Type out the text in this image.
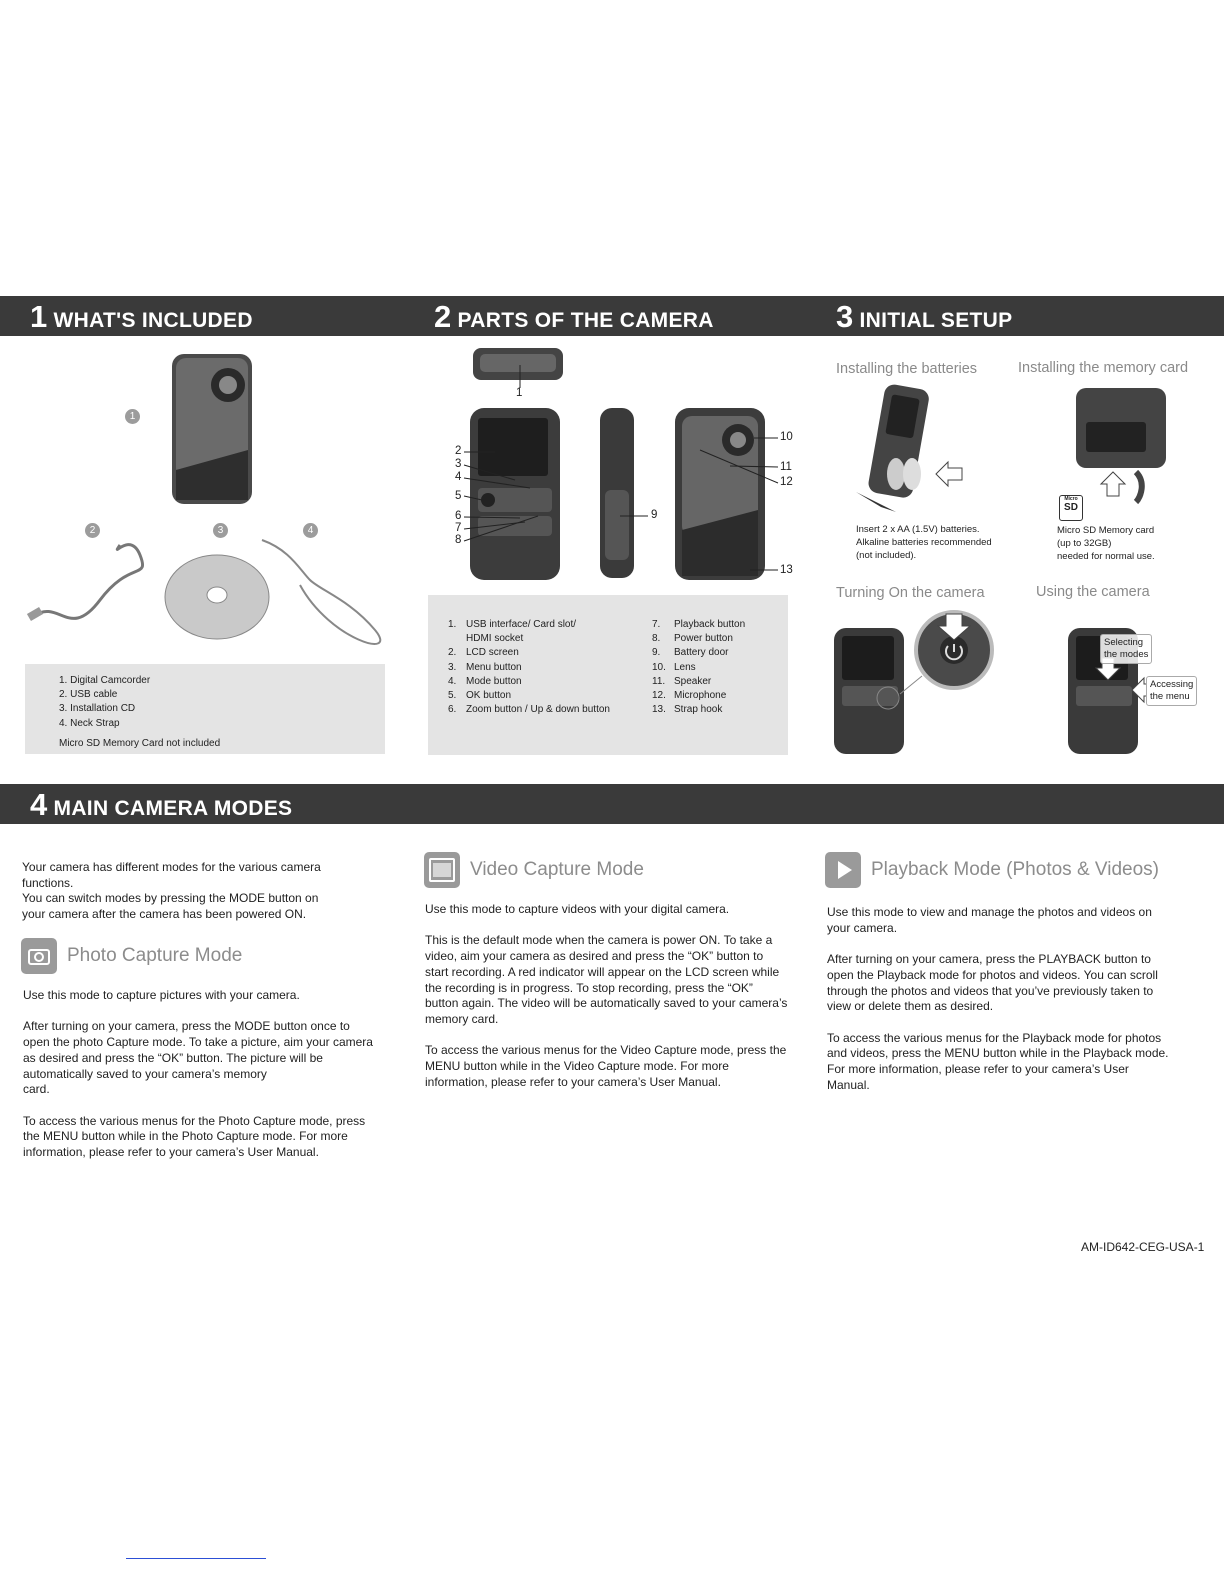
1 WHAT'S INCLUDED	2 PARTS OF THE CAMERA	3 INITIAL SETUP
4 MAIN CAMERA MODES
1
2	3	4
1. Digital Camcorder
2. USB cable
3. Installation CD
4. Neck Strap
Micro SD Memory Card not included
1
2
3
4
5
6
7
8
9
10
11
12
13
1. USB interface/ Card slot/
HDMI socket
2. LCD screen
3. Menu button
4. Mode button
5. OK button
6. Zoom button / Up & down button
7. Playback button
8. Power button
9. Battery door
10. Lens
11. Speaker
12. Microphone
13. Strap hook
Installing the batteries	Installing the memory card
Micro
SD
Insert 2 x AA (1.5V) batteries.
Alkaline batteries recommended
(not included).
Micro SD Memory card
(up to 32GB)
needed for normal use.
Turning On the camera	Using the camera
Selecting
the modes
Accessing
the menu
Your camera has different modes for the various camera
functions.
You can switch modes by pressing the MODE button on
your camera after the camera has been powered ON.
Photo Capture Mode

Use this mode to capture pictures with your camera.

After turning on your camera, press the MODE button once to
open the photo Capture mode. To take a picture, aim your camera
as desired and press the “OK” button. The picture will be
automatically saved to your camera’s memory
card.

To access the various menus for the Photo Capture mode, press
the MENU button while in the Photo Capture mode. For more
information, please refer to your camera’s User Manual.

Video Capture Mode

Use this mode to capture videos with your digital camera.

This is the default mode when the camera is power ON. To take a
video, aim your camera as desired and press the “OK” button to
start recording. A red indicator will appear on the LCD screen while
the recording is in progress. To stop recording, press the “OK”
button again. The video will be automatically saved to your camera’s
memory card.

To access the various menus for the Video Capture mode, press the
MENU button while in the Video Capture mode. For more
information, please refer to your camera’s User Manual.

Playback Mode (Photos & Videos)

Use this mode to view and manage the photos and videos on
your camera.

After turning on your camera, press the PLAYBACK button to
open the Playback mode for photos and videos. You can scroll
through the photos and videos that you’ve previously taken to
view or delete them as desired.

To access the various menus for the Playback mode for photos
and videos, press the MENU button while in the Playback mode.
For more information, please refer to your camera’s User
Manual.

AM-ID642-CEG-USA-1
